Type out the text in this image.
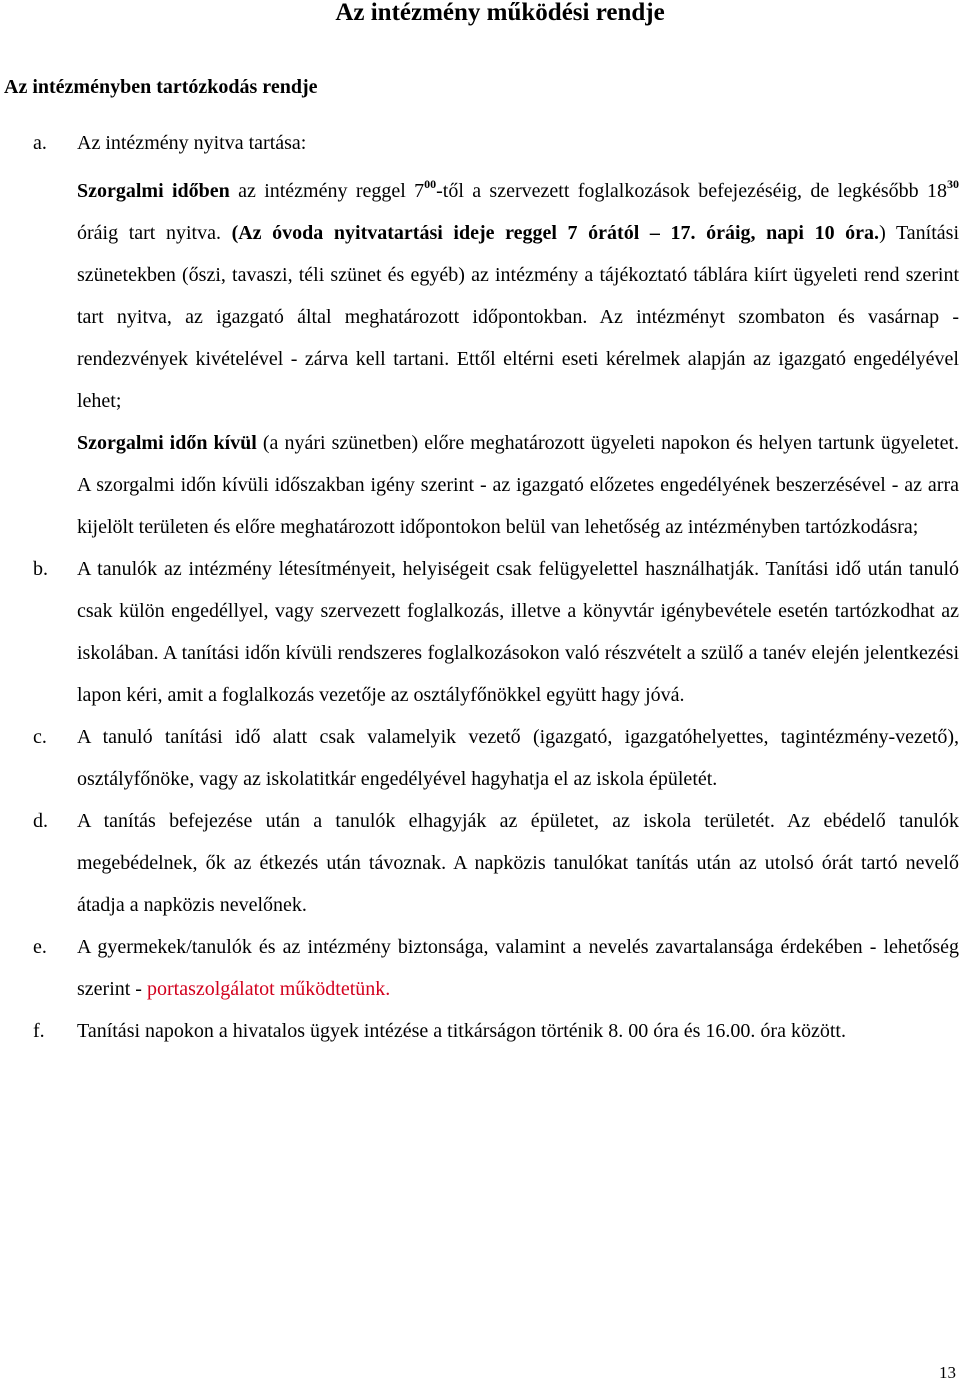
Az intézmény működési rendje
Az intézményben tartózkodás rendje
a. Az intézmény nyitva tartása:

Szorgalmi időben az intézmény reggel $7^{00}$-től a szervezett foglalkozások befejezéséig, de legkésőbb $18^{30}$ óráig tart nyitva. (Az óvoda nyitvatartási ideje reggel 7 órától – 17. óráig, napi 10 óra.) Tanítási szünetekben (őszi, tavaszi, téli szünet és egyéb) az intézmény a tájékoztató táblára kiírt ügyeleti rend szerint tart nyitva, az igazgató által meghatározott időpontokban. Az intézményt szombaton és vasárnap - rendezvények kivételével - zárva kell tartani. Ettől eltérni eseti kérelmek alapján az igazgató engedélyével lehet;

Szorgalmi időn kívül (a nyári szünetben) előre meghatározott ügyeleti napokon és helyen tartunk ügyeletet. A szorgalmi időn kívüli időszakban igény szerint - az igazgató előzetes engedélyének beszerzésével - az arra kijelölt területen és előre meghatározott időpontokon belül van lehetőség az intézményben tartózkodásra;

b. A tanulók az intézmény létesítményeit, helyiségeit csak felügyelettel használhatják. Tanítási idő után tanuló csak külön engedéllyel, vagy szervezett foglalkozás, illetve a könyvtár igénybevétele esetén tartózkodhat az iskolában. A tanítási időn kívüli rendszeres foglalkozásokon való részvételt a szülő a tanév elején jelentkezési lapon kéri, amit a foglalkozás vezetője az osztályfőnökkel együtt hagy jóvá.

c. A tanuló tanítási idő alatt csak valamelyik vezető (igazgató, igazgatóhelyettes, tagintézmény-vezető), osztályfőnöke, vagy az iskolatitkár engedélyével hagyhatja el az iskola épületét.

d. A tanítás befejezése után a tanulók elhagyják az épületet, az iskola területét. Az ebédelő tanulók megebédelnek, ők az étkezés után távoznak. A napközis tanulókat tanítás után az utolsó órát tartó nevelő átadja a napközis nevelőnek.

e. A gyermekek/tanulók és az intézmény biztonsága, valamint a nevelés zavartalansága érdekében - lehetőség szerint - portaszolgálatot működtetünk.

f. Tanítási napokon a hivatalos ügyek intézése a titkárságon történik 8. 00 óra és 16.00. óra között.

13
